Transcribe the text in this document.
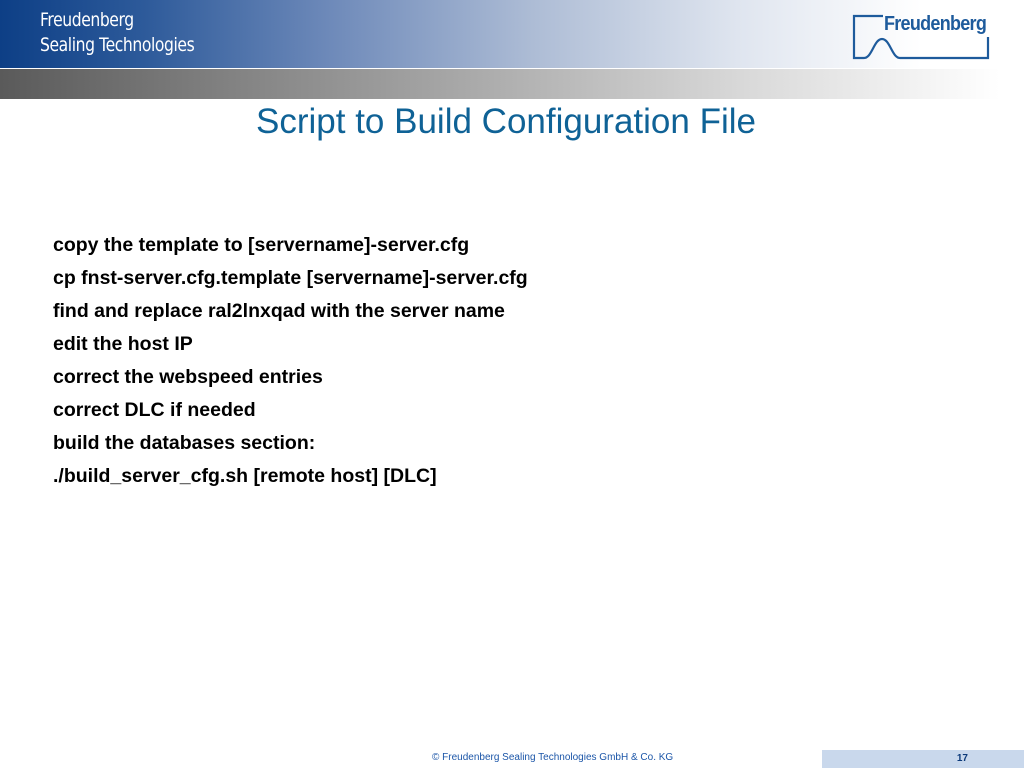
Freudenberg
Sealing Technologies
Freudenberg
Script to Build Configuration File
copy the template to [servername]-server.cfg
cp fnst-server.cfg.template [servername]-server.cfg
find and replace ral2lnxqad with the server name
edit the host IP
correct the webspeed entries
correct DLC if needed
build the databases section:
./build_server_cfg.sh [remote host] [DLC]
© Freudenberg Sealing Technologies GmbH & Co. KG	17
